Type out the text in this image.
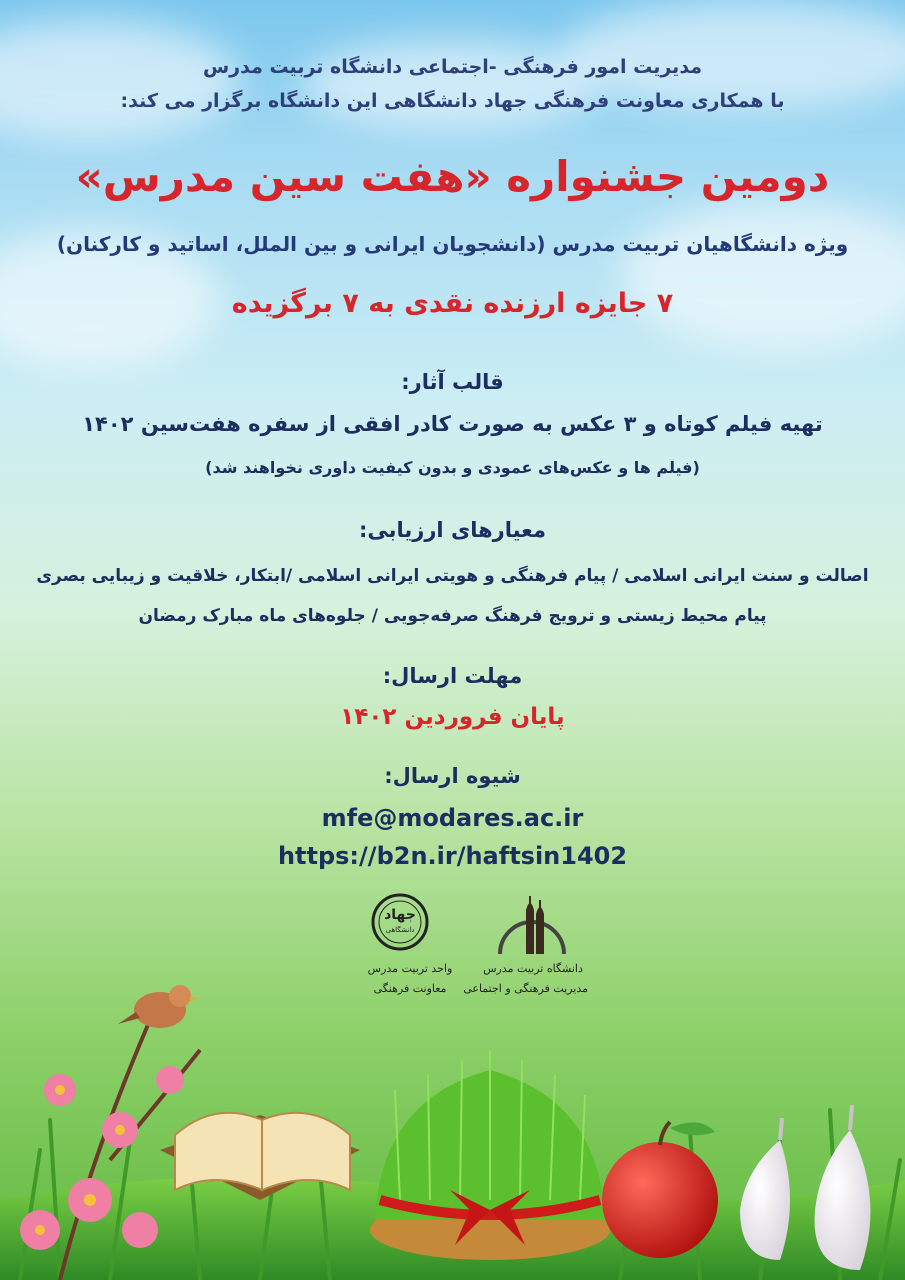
مدیریت امور فرهنگی -اجتماعی دانشگاه تربیت مدرس
با همکاری معاونت فرهنگی جهاد دانشگاهی این دانشگاه برگزار می کند:
دومین جشنواره «هفت سین مدرس»
ویژه دانشگاهیان تربیت مدرس (دانشجویان ایرانی و بین الملل، اساتید و کارکنان)
۷ جایزه ارزنده نقدی به ۷ برگزیده
قالب آثار:
تهیه فیلم کوتاه و ۳ عکس به صورت کادر افقی از سفره هفت‌سین ۱۴۰۲
(فیلم ها و عکس‌های عمودی و بدون کیفیت داوری نخواهند شد)
معیارهای ارزیابی:
اصالت و سنت ایرانی اسلامی / پیام فرهنگی و هویتی ایرانی اسلامی /ابتکار، خلاقیت و زیبایی بصری
پیام محیط زیستی و ترویج فرهنگ صرفه‌جویی / جلوه‌های ماه مبارک رمضان
مهلت ارسال:
پایان فروردین ۱۴۰۲
شیوه ارسال:
mfe@modares.ac.ir
https://b2n.ir/haftsin1402
جهاد
دانشگاهی
واحد تربیت مدرس
معاونت فرهنگی
دانشگاه تربیت مدرس
مدیریت فرهنگی و اجتماعی
